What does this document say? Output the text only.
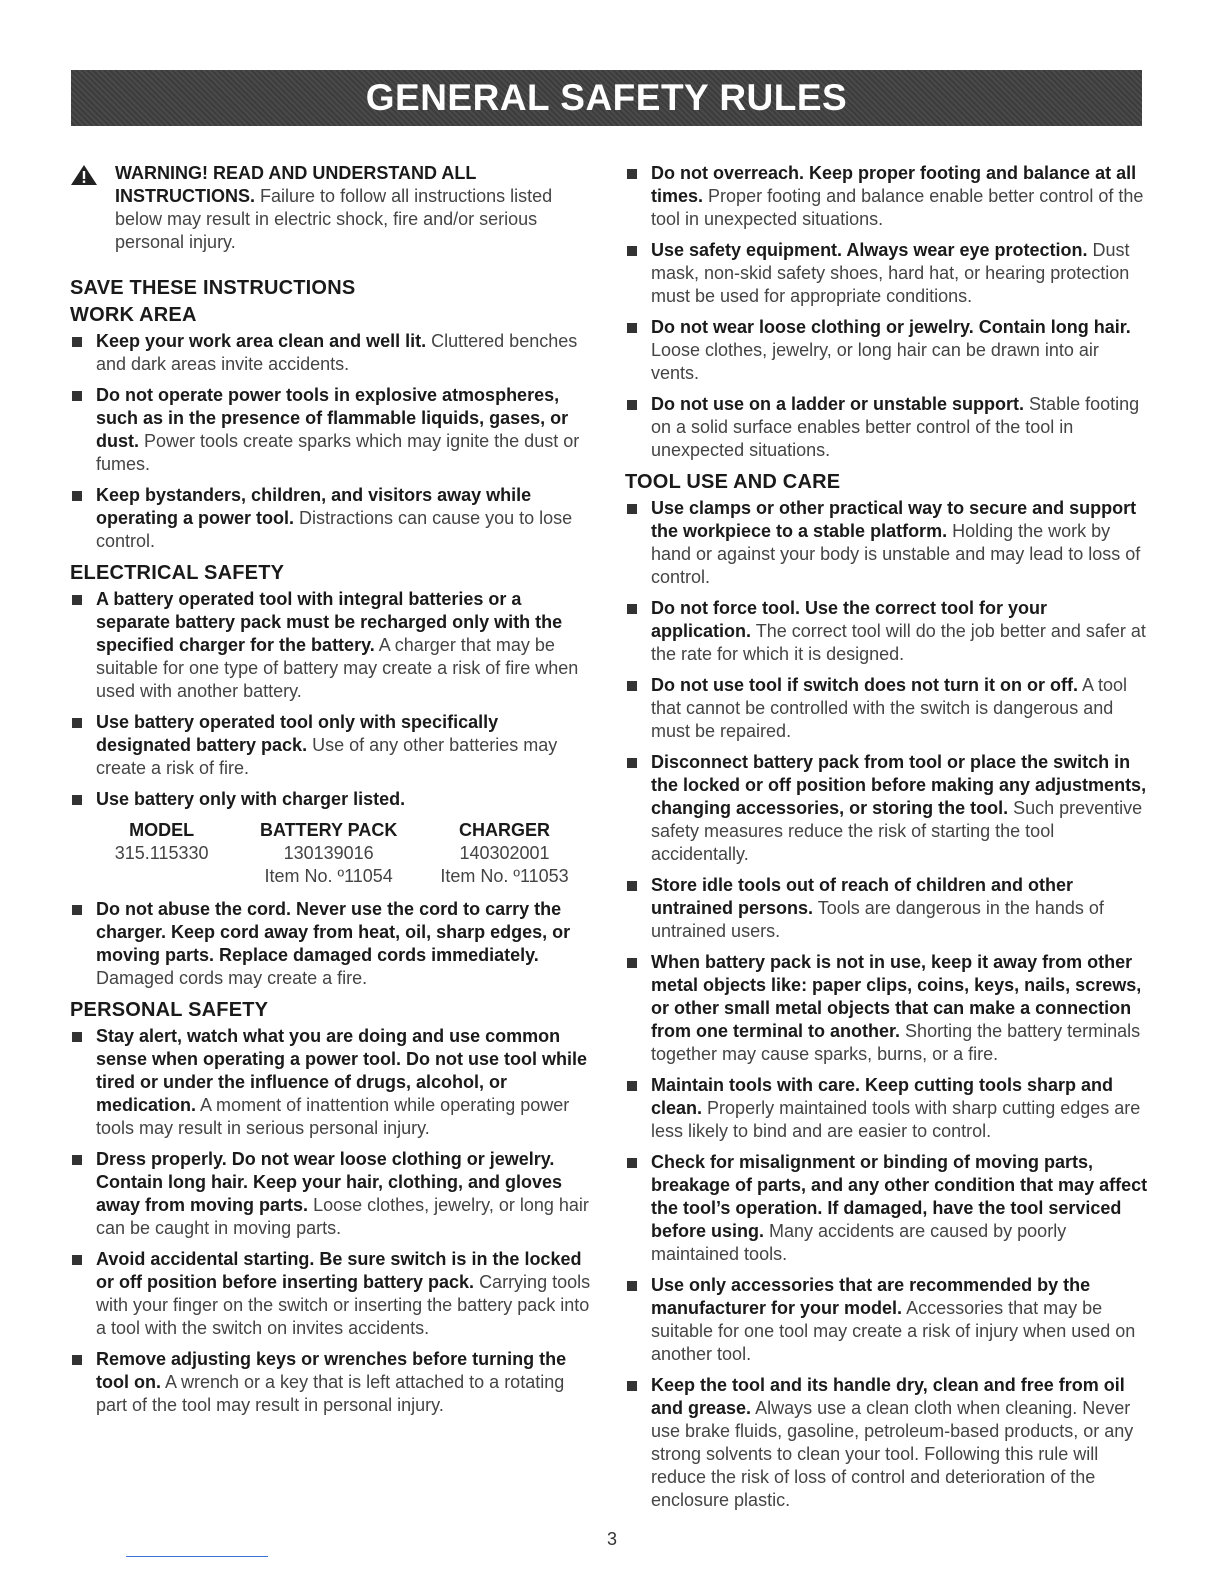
GENERAL SAFETY RULES
WARNING! READ AND UNDERSTAND ALL INSTRUCTIONS. Failure to follow all instructions listed below may result in electric shock, fire and/or serious personal injury.
SAVE THESE INSTRUCTIONS
WORK AREA
Keep your work area clean and well lit. Cluttered benches and dark areas invite accidents.
Do not operate power tools in explosive atmospheres, such as in the presence of flammable liquids, gases, or dust. Power tools create sparks which may ignite the dust or fumes.
Keep bystanders, children, and visitors away while operating a power tool. Distractions can cause you to lose control.
ELECTRICAL SAFETY
A battery operated tool with integral batteries or a separate battery pack must be recharged only with the specified charger for the battery. A charger that may be suitable for one type of battery may create a risk of fire when used with another battery.
Use battery operated tool only with specifically designated battery pack. Use of any other batteries may create a risk of fire.
Use battery only with charger listed.
MODEL	BATTERY PACK	CHARGER
315.115330	130139016	140302001
	Item No. º11054	Item No. º11053
Do not abuse the cord. Never use the cord to carry the charger. Keep cord away from heat, oil, sharp edges, or moving parts. Replace damaged cords immediately. Damaged cords may create a fire.
PERSONAL SAFETY
Stay alert, watch what you are doing and use common sense when operating a power tool. Do not use tool while tired or under the influence of drugs, alcohol, or medication. A moment of inattention while operating power tools may result in serious personal injury.
Dress properly. Do not wear loose clothing or jewelry. Contain long hair. Keep your hair, clothing, and gloves away from moving parts. Loose clothes, jewelry, or long hair can be caught in moving parts.
Avoid accidental starting. Be sure switch is in the locked or off position before inserting battery pack. Carrying tools with your finger on the switch or inserting the battery pack into a tool with the switch on invites accidents.
Remove adjusting keys or wrenches before turning the tool on. A wrench or a key that is left attached to a rotating part of the tool may result in personal injury.
Do not overreach. Keep proper footing and balance at all times. Proper footing and balance enable better control of the tool in unexpected situations.
Use safety equipment. Always wear eye protection. Dust mask, non-skid safety shoes, hard hat, or hearing protection must be used for appropriate conditions.
Do not wear loose clothing or jewelry. Contain long hair. Loose clothes, jewelry, or long hair can be drawn into air vents.
Do not use on a ladder or unstable support. Stable footing on a solid surface enables better control of the tool in unexpected situations.
TOOL USE AND CARE
Use clamps or other practical way to secure and support the workpiece to a stable platform. Holding the work by hand or against your body is unstable and may lead to loss of control.
Do not force tool. Use the correct tool for your application. The correct tool will do the job better and safer at the rate for which it is designed.
Do not use tool if switch does not turn it on or off. A tool that cannot be controlled with the switch is dangerous and must be repaired.
Disconnect battery pack from tool or place the switch in the locked or off position before making any adjustments, changing accessories, or storing the tool. Such preventive safety measures reduce the risk of starting the tool accidentally.
Store idle tools out of reach of children and other untrained persons. Tools are dangerous in the hands of untrained users.
When battery pack is not in use, keep it away from other metal objects like: paper clips, coins, keys, nails, screws, or other small metal objects that can make a connection from one terminal to another. Shorting the battery terminals together may cause sparks, burns, or a fire.
Maintain tools with care. Keep cutting tools sharp and clean. Properly maintained tools with sharp cutting edges are less likely to bind and are easier to control.
Check for misalignment or binding of moving parts, breakage of parts, and any other condition that may affect the tool’s operation. If damaged, have the tool serviced before using. Many accidents are caused by poorly maintained tools.
Use only accessories that are recommended by the manufacturer for your model. Accessories that may be suitable for one tool may create a risk of injury when used on another tool.
Keep the tool and its handle dry, clean and free from oil and grease. Always use a clean cloth when cleaning. Never use brake fluids, gasoline, petroleum-based products, or any strong solvents to clean your tool. Following this rule will reduce the risk of loss of control and deterioration of the enclosure plastic.
3
